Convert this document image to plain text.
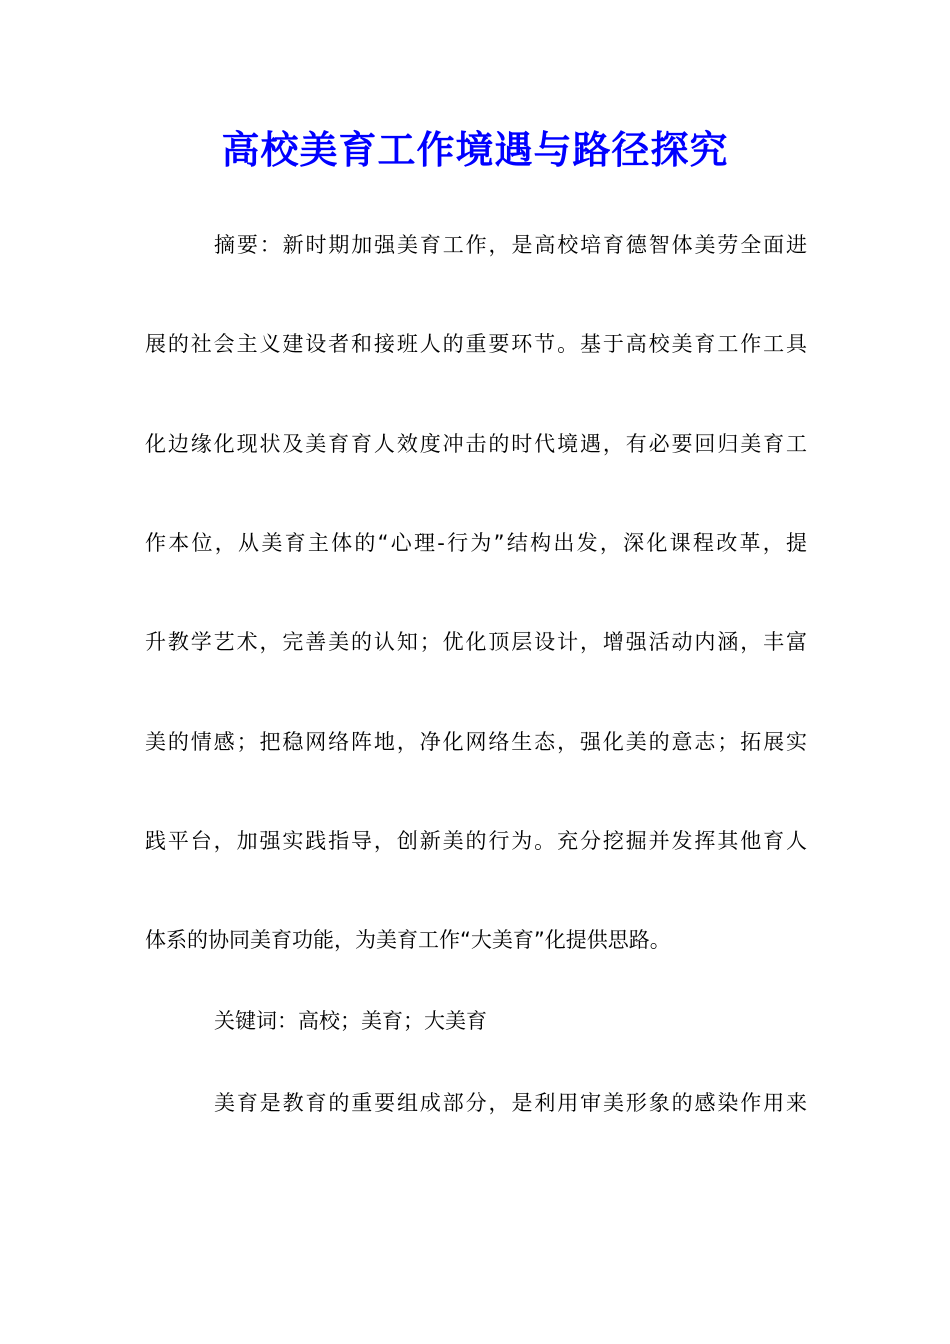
高校美育工作境遇与路径探究

摘要：新时期加强美育工作，是高校培育德智体美劳全面进

展的社会主义建设者和接班人的重要环节。基于高校美育工作工具

化边缘化现状及美育育人效度冲击的时代境遇，有必要回归美育工

作本位，从美育主体的“心理-行为”结构出发，深化课程改革，提

升教学艺术，完善美的认知；优化顶层设计，增强活动内涵，丰富

美的情感；把稳网络阵地，净化网络生态，强化美的意志；拓展实

践平台，加强实践指导，创新美的行为。充分挖掘并发挥其他育人

体系的协同美育功能，为美育工作“大美育”化提供思路。

关键词：高校；美育；大美育

美育是教育的重要组成部分，是利用审美形象的感染作用来
